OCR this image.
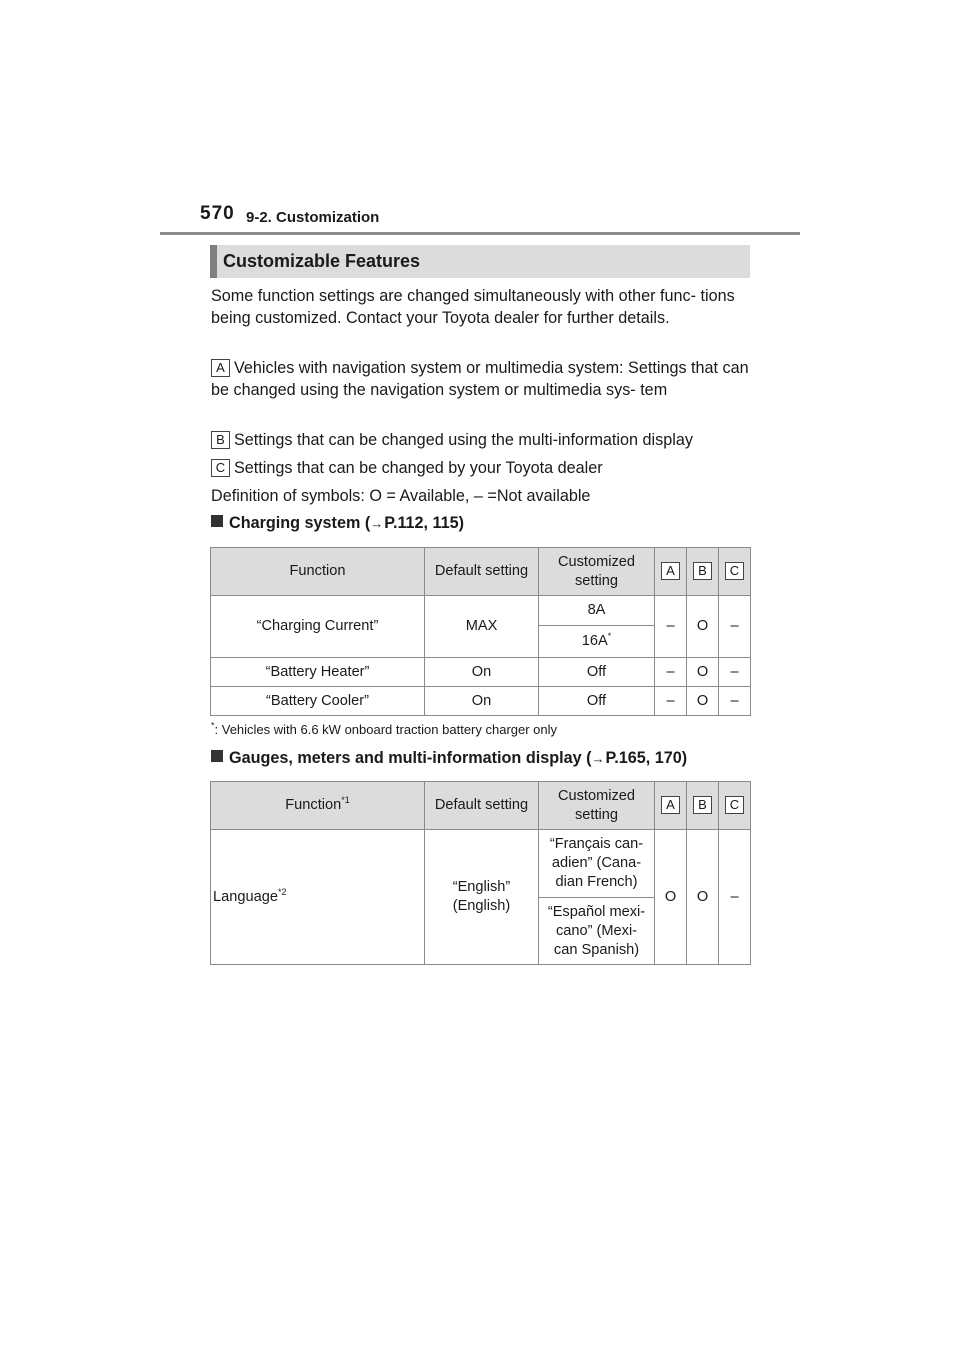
570 9-2. Customization
Customizable Features
Some function settings are changed simultaneously with other func- tions being customized. Contact your Toyota dealer for further details.
A Vehicles with navigation system or multimedia system: Settings that can be changed using the navigation system or multimedia sys- tem
B Settings that can be changed using the multi-information display
C Settings that can be changed by your Toyota dealer
Definition of symbols: O = Available, – =Not available
Charging system (→P.112, 115)
Function	Default setting	Customized setting	A	B	C
“Charging Current”	MAX	8A	–	O	–
		16A*
“Battery Heater”	On	Off	–	O	–
“Battery Cooler”	On	Off	–	O	–
*: Vehicles with 6.6 kW onboard traction battery charger only
Gauges, meters and multi-information display (→P.165, 170)
Function$^{*1}$	Default setting	Customized setting	A	B	C
Language$^{*2}$	“English”
(English)	“Français can- adien” (Cana- dian French)	O	O	–
		“Español mexi- cano” (Mexi- can Spanish)			
